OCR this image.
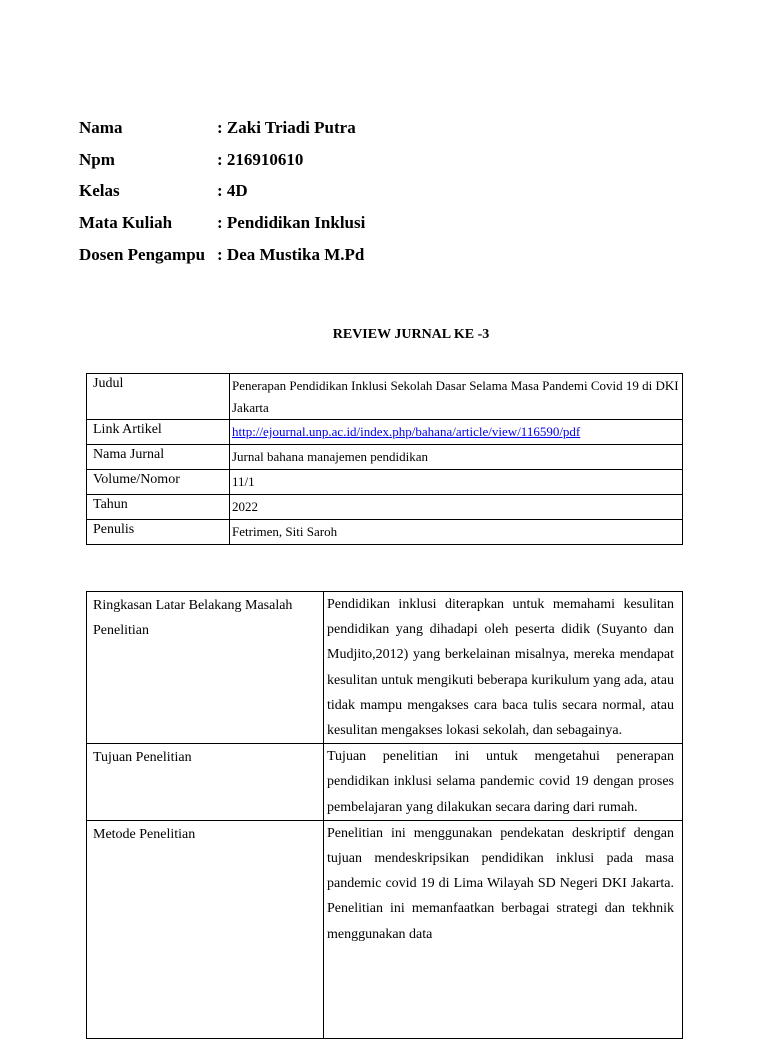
Nama	: Zaki Triadi Putra
Npm	: 216910610
Kelas	: 4D
Mata Kuliah	: Pendidikan Inklusi
Dosen Pengampu : Dea Mustika M.Pd
REVIEW JURNAL KE -3
Judul	Penerapan Pendidikan Inklusi Sekolah Dasar Selama Masa Pandemi Covid 19 di DKI Jakarta
Link Artikel	http://ejournal.unp.ac.id/index.php/bahana/article/view/116590/pdf
Nama Jurnal	Jurnal bahana manajemen pendidikan
Volume/Nomor	11/1
Tahun	2022
Penulis	Fetrimen, Siti Saroh
Ringkasan Latar Belakang Masalah Penelitian	Pendidikan inklusi diterapkan untuk memahami kesulitan pendidikan yang dihadapi oleh peserta didik (Suyanto dan Mudjito,2012) yang berkelainan misalnya, mereka mendapat kesulitan untuk mengikuti beberapa kurikulum yang ada, atau tidak mampu mengakses cara baca tulis secara normal, atau kesulitan mengakses lokasi sekolah, dan sebagainya.
Tujuan Penelitian	Tujuan penelitian ini untuk mengetahui penerapan pendidikan inklusi selama pandemic covid 19 dengan proses pembelajaran yang dilakukan secara daring dari rumah.
Metode Penelitian	Penelitian ini menggunakan pendekatan deskriptif dengan tujuan mendeskripsikan pendidikan inklusi pada masa pandemic covid 19 di Lima Wilayah SD Negeri DKI Jakarta. Penelitian ini memanfaatkan berbagai strategi dan tekhnik menggunakan data
